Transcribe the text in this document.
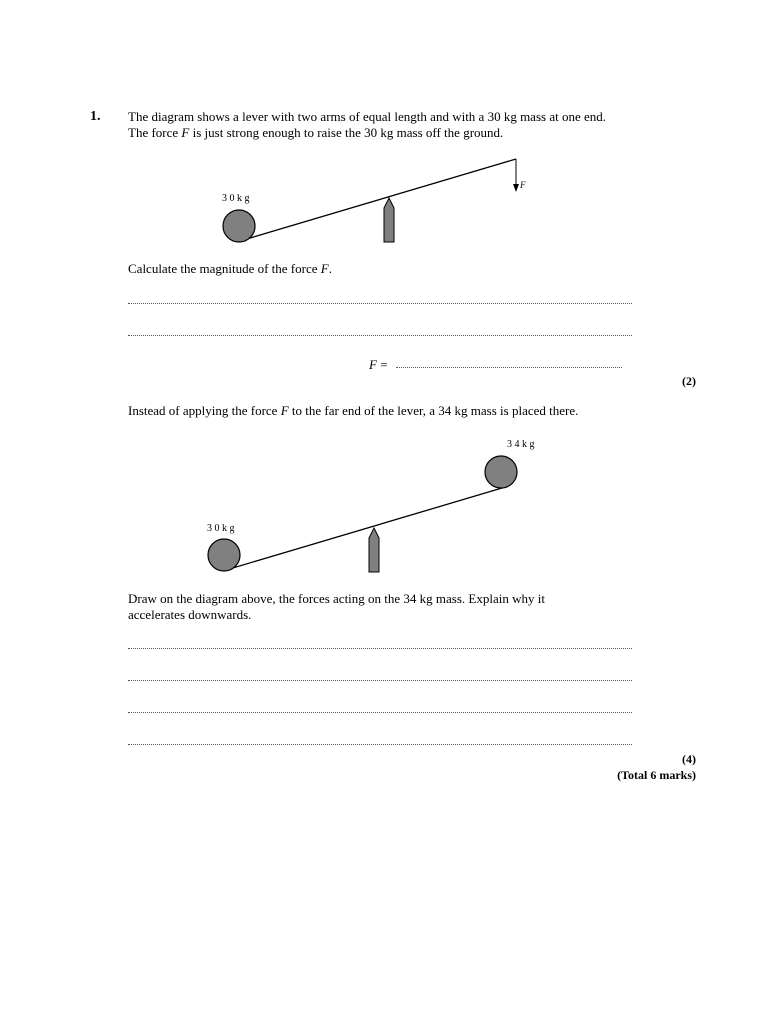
1. The diagram shows a lever with two arms of equal length and with a 30 kg mass at one end.
The force F is just strong enough to raise the 30 kg mass off the ground.
F
3 0 k g
Calculate the magnitude of the force F.
F =
(2)
Instead of applying the force F to the far end of the lever, a 34 kg mass is placed there.
3 0 k g
3 4 k g
Draw on the diagram above, the forces acting on the 34 kg mass. Explain why it
accelerates downwards.
(4)
(Total 6 marks)
